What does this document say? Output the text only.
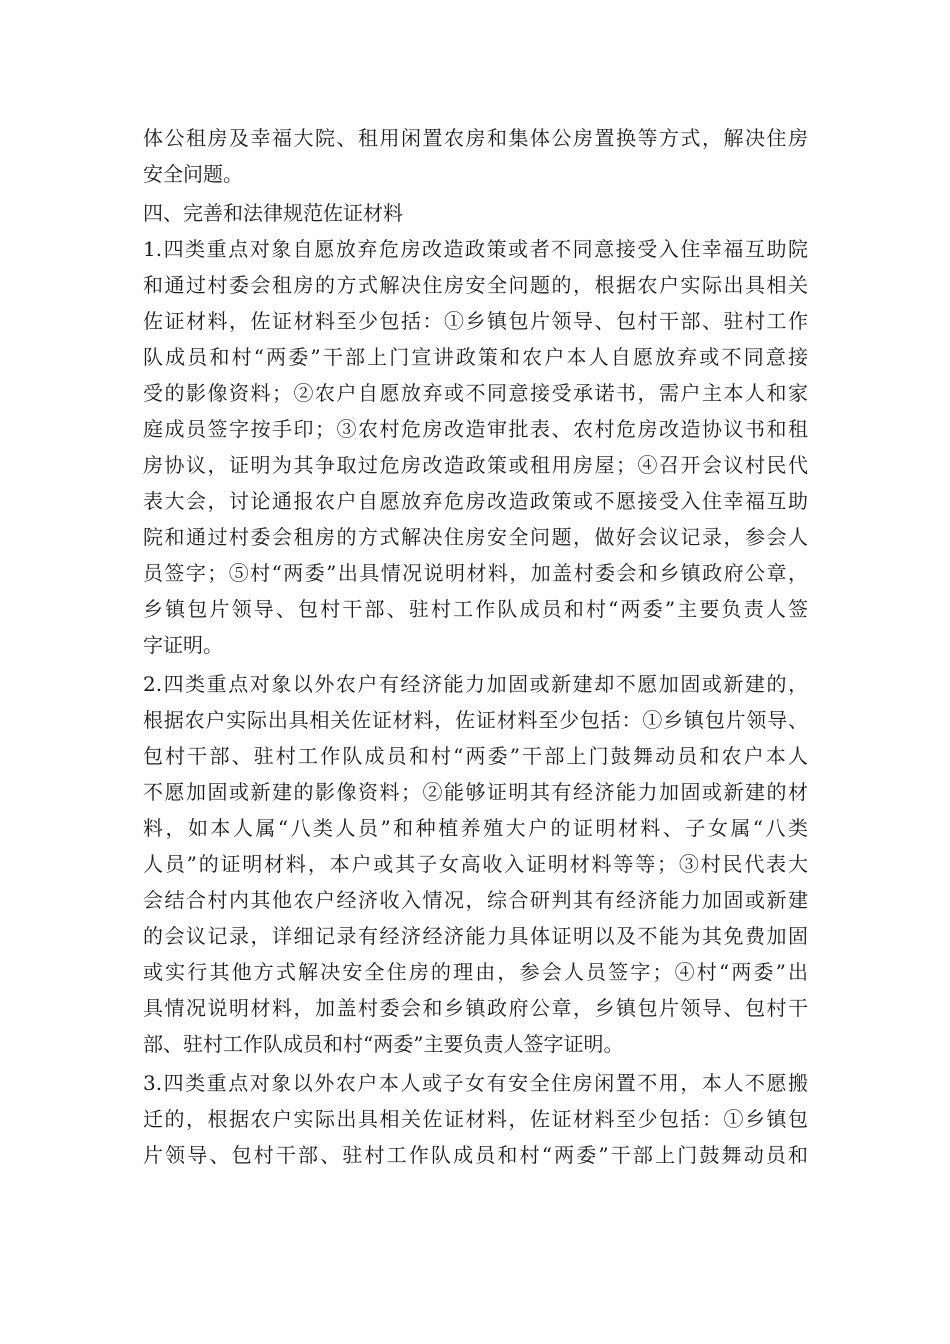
体公租房及幸福大院、租用闲置农房和集体公房置换等方式，解决住房
安全问题。
四、完善和法律规范佐证材料
1.四类重点对象自愿放弃危房改造政策或者不同意接受入住幸福互助院
和通过村委会租房的方式解决住房安全问题的，根据农户实际出具相关
佐证材料，佐证材料至少包括：①乡镇包片领导、包村干部、驻村工作
队成员和村“两委”干部上门宣讲政策和农户本人自愿放弃或不同意接
受的影像资料；②农户自愿放弃或不同意接受承诺书，需户主本人和家
庭成员签字按手印；③农村危房改造审批表、农村危房改造协议书和租
房协议，证明为其争取过危房改造政策或租用房屋；④召开会议村民代
表大会，讨论通报农户自愿放弃危房改造政策或不愿接受入住幸福互助
院和通过村委会租房的方式解决住房安全问题，做好会议记录，参会人
员签字；⑤村“两委”出具情况说明材料，加盖村委会和乡镇政府公章，
乡镇包片领导、包村干部、驻村工作队成员和村“两委”主要负责人签
字证明。
2.四类重点对象以外农户有经济能力加固或新建却不愿加固或新建的，
根据农户实际出具相关佐证材料，佐证材料至少包括：①乡镇包片领导、
包村干部、驻村工作队成员和村“两委”干部上门鼓舞动员和农户本人
不愿加固或新建的影像资料；②能够证明其有经济能力加固或新建的材
料，如本人属“八类人员”和种植养殖大户的证明材料、子女属“八类
人员”的证明材料，本户或其子女高收入证明材料等等；③村民代表大
会结合村内其他农户经济收入情况，综合研判其有经济能力加固或新建
的会议记录，详细记录有经济经济能力具体证明以及不能为其免费加固
或实行其他方式解决安全住房的理由，参会人员签字；④村“两委”出
具情况说明材料，加盖村委会和乡镇政府公章，乡镇包片领导、包村干
部、驻村工作队成员和村“两委”主要负责人签字证明。
3.四类重点对象以外农户本人或子女有安全住房闲置不用，本人不愿搬
迁的，根据农户实际出具相关佐证材料，佐证材料至少包括：①乡镇包
片领导、包村干部、驻村工作队成员和村“两委”干部上门鼓舞动员和
